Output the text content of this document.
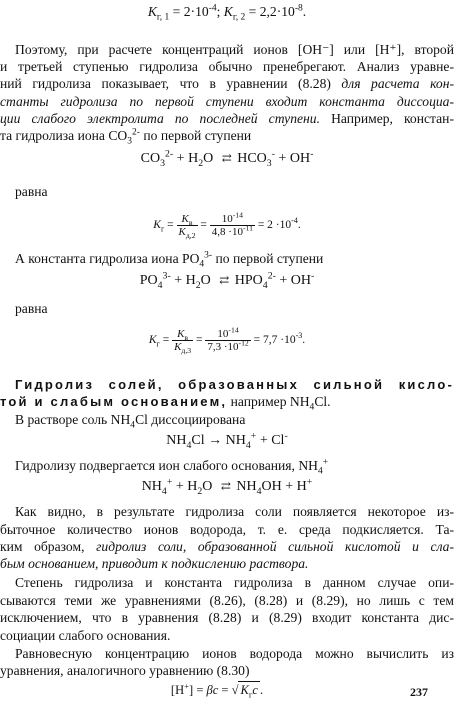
$K_{г, 1} = 2\cdot 10^{-4}$; $K_{г, 2} = 2,2\cdot 10^{-8}$.
Поэтому, при расчете концентраций ионов [OH⁻] или [H⁺], второй
и третьей ступенью гидролиза обычно пренебрегают. Анализ уравне-
ний гидролиза показывает, что в уравнении (8.28) для расчета кон-
станты гидролиза по первой ступени входит константа диссоциа-
ции слабого электролита по последней ступени. Например, констан-
та гидролиза иона $CO_3^{2-}$ по первой ступени
$CO_3^{2-} + H_2O$ ⇄ $HCO_3^- + OH^-$
равна
$K_г = \frac{K_в}{K_{д,2}} = \frac{10^{-14}}{4,8 \cdot 10^{-11}} = 2 \cdot 10^{-4}$.
А константа гидролиза иона $PO_4^{3-}$ по первой ступени
$PO_4^{3-} + H_2O$ ⇄ $HPO_4^{2-} + OH^-$
равна
$K_г = \frac{K_в}{K_{д,3}} = \frac{10^{-14}}{7,3 \cdot 10^{-12}} = 7,7 \cdot 10^{-3}$.
Гидролиз солей, образованных сильной кисло-
той и слабым основанием, например $NH_4Cl$.
В растворе соль $NH_4Cl$ диссоциирована
$NH_4Cl \to NH_4^+ + Cl^-$
Гидролизу подвергается ион слабого основания, $NH_4^+$
$NH_4^+ + H_2O$ ⇄ $NH_4OH + H^+$
Как видно, в результате гидролиза соли появляется некоторое из-
быточное количество ионов водорода, т. е. среда подкисляется. Та-
ким образом, гидролиз соли, образованной сильной кислотой и сла-
бым основанием, приводит к подкислению раствора.
Степень гидролиза и константа гидролиза в данном случае опи-
сываются теми же уравнениями (8.26), (8.28) и (8.29), но лишь с тем
исключением, что в уравнения (8.28) и (8.29) входит константа дис-
социации слабого основания.
Равновесную концентрацию ионов водорода можно вычислить из
уравнения, аналогичного уравнению (8.30)
[H+] = βc = √ $K_гc$ .	237
